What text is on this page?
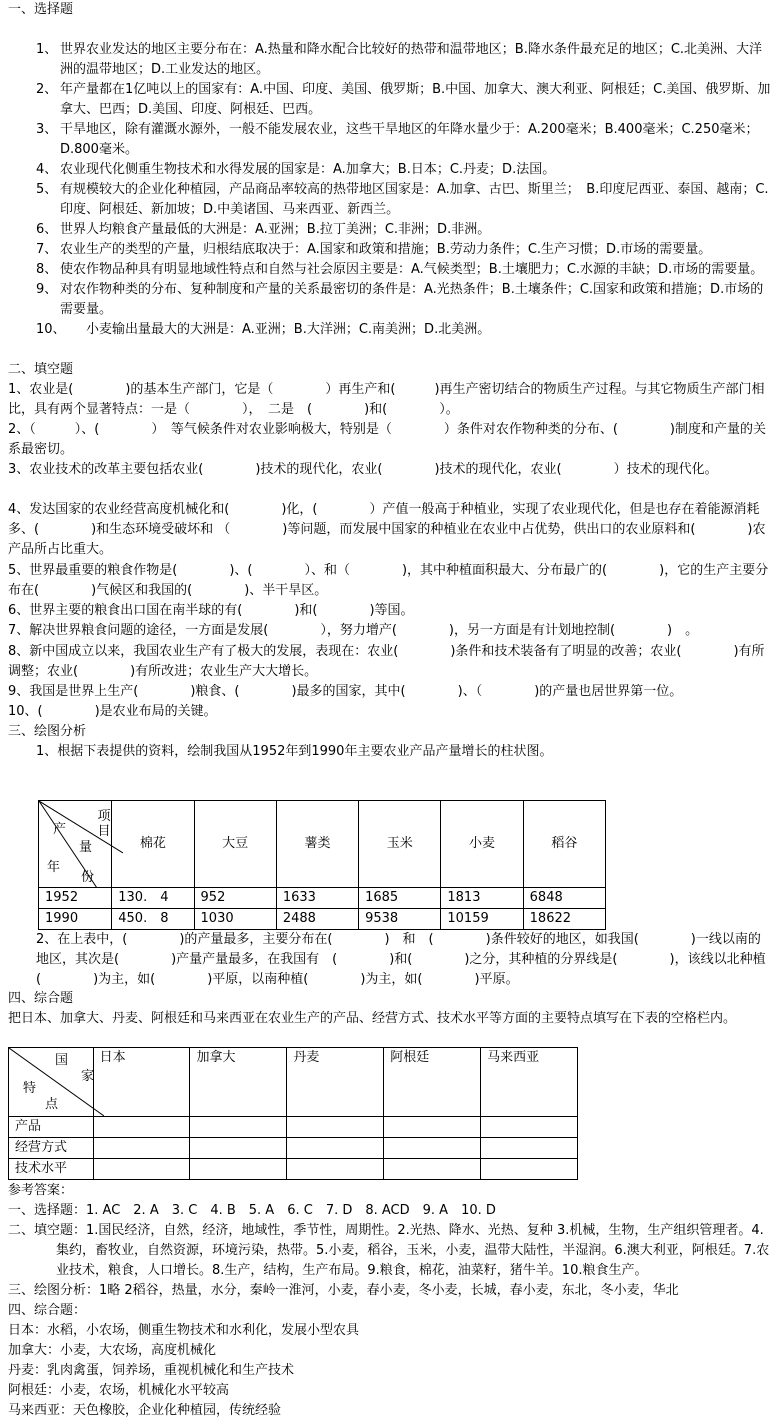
一、选择题
1、 世界农业发达的地区主要分布在：A.热量和降水配合比较好的热带和温带地区；B.降水条件最充足的地区；C.北美洲、大洋洲的温带地区；D.工业发达的地区。
2、 年产量都在1亿吨以上的国家有：A.中国、印度、美国、俄罗斯；B.中国、加拿大、澳大利亚、阿根廷；C.美国、俄罗斯、加拿大、巴西；D.美国、印度、阿根廷、巴西。
3、 干旱地区，除有灌溉水源外，一般不能发展农业，这些干旱地区的年降水量少于：A.200毫米；B.400毫米；C.250毫米；D.800毫米。
4、 农业现代化侧重生物技术和水得发展的国家是：A.加拿大；B.日本；C.丹麦；D.法国。
5、 有规模较大的企业化种植园，产品商品率较高的热带地区国家是：A.加拿、古巴、斯里兰；　B.印度尼西亚、泰国、越南；C.印度、阿根廷、新加坡；D.中美诸国、马来西亚、新西兰。
6、 世界人均粮食产量最低的大洲是：A.亚洲；B.拉丁美洲；C.非洲；D.非洲。
7、 农业生产的类型的产量，归根结底取决于：A.国家和政策和措施；B.劳动力条件；C.生产习惯；D.市场的需要量。
8、 使农作物品种具有明显地域性特点和自然与社会原因主要是：A.气候类型；B.土壤肥力；C.水源的丰缺；D.市场的需要量。
9、 对农作物种类的分布、复种制度和产量的关系最密切的条件是：A.光热条件；B.土壤条件；C.国家和政策和措施；D.市场的需要量。
10、
　　小麦输出量最大的大洲是：A.亚洲；B.大洋洲；C.南美洲；D.北美洲。
二、填空题
1、农业是(　　　　)的基本生产部门，它是（　　　　）再生产和(　　　)再生产密切结合的物质生产过程。与其它物质生产部门相比，具有两个显著特点：一是（　　　　），　二是　(　　　　)和(　　　　）。
2、（　　　）、(　　　　）　等气候条件对农业影响极大，特别是（　　　　）条件对农作物种类的分布、(　　　　)制度和产量的关系最密切。
3、农业技术的改革主要包括农业(　　　　)技术的现代化，农业(　　　　)技术的现代化，农业(　　　　）技术的现代化。
4、发达国家的农业经营高度机械化和(　　　　)化，(　　　　）产值一般高于种植业，实现了农业现代化，但是也存在着能源消耗多、(　　　　)和生态环境受破坏和 （　　　　)等问题，而发展中国家的种植业在农业中占优势，供出口的农业原料和(　　　　)农产品所占比重大。
5、世界最重要的粮食作物是(　　　　)、(　　　　）、和（　　　　)，其中种植面积最大、分布最广的(　　　　)，它的生产主要分布在(　　　　)气候区和我国的(　　　　)、半干旱区。
6、世界主要的粮食出口国在南半球的有(　　　　)和(　　　　)等国。
7、解决世界粮食问题的途径，一方面是发展(　　　　），努力增产(　　　　)，另一方面是有计划地控制(　　　　)　。
8、新中国成立以来，我国农业生产有了极大的发展，表现在：农业(　　　　)条件和技术装备有了明显的改善；农业(　　　　)有所调整；农业(　　　　)有所改进；农业生产大大增长。
9、我国是世界上生产(　　　　)粮食、(　　　　)最多的国家，其中(　　　　)、（　　　　)的产量也居世界第一位。
10、(　　　　)是农业布局的关键。
三、绘图分析
1、根据下表提供的资料，绘制我国从1952年到1990年主要农业产品产量增长的柱状图。
项目
产
量
年
份	棉花	大豆	薯类	玉米	小麦	稻谷
1952	130.　4	952	1633	1685	1813	6848
1990	450.　8	1030	2488	9538	10159	18622
2、在上表中，(　　　　)的产量最多，主要分布在(　　　　)　和　(　　　　)条件较好的地区，如我国(　　　　)一线以南的地区，其次是(　　　　)产量产量最多，在我国有　(　　　　)和(　　　　)之分，其种植的分界线是(　　　　)，该线以北种植(　　　　)为主，如(　　　　)平原，以南种植(　　　　)为主，如(　　　　)平原。
四、综合题
把日本、加拿大、丹麦、阿根廷和马来西亚在农业生产的产品、经营方式、技术水平等方面的主要特点填写在下表的空格栏内。
国
家
特
点	日本	加拿大	丹麦	阿根廷	马来西亚
产品					
经营方式					
技术水平					
参考答案：
一、选择题：1. AC　2. A　3. C　4. B　5. A　6. C　7. D　8. ACD　9. A　10. D
二、填空题：1.国民经济，自然，经济，地域性，季节性，周期性。2.光热、降水、光热、复种 3.机械，生物，生产组织管理者。4.集约，畜牧业，自然资源，环境污染，热带。5.小麦，稻谷，玉米，小麦，温带大陆性，半湿润。6.澳大利亚，阿根廷。7.农业技术，粮食，人口增长。8.生产，结构，生产布局。9.粮食，棉花，油菜籽，猪牛羊。10.粮食生产。
三、绘图分析：1略 2稻谷，热量，水分，秦岭一淮河，小麦，春小麦，冬小麦，长城，春小麦，东北，冬小麦，华北
四、综合题：
日本：水稻，小农场，侧重生物技术和水利化，发展小型农具
加拿大：小麦，大农场，高度机械化
丹麦：乳肉禽蛋，饲养场，重视机械化和生产技术
阿根廷：小麦，农场，机械化水平较高
马来西亚：天色橡胶，企业化种植园，传统经验
